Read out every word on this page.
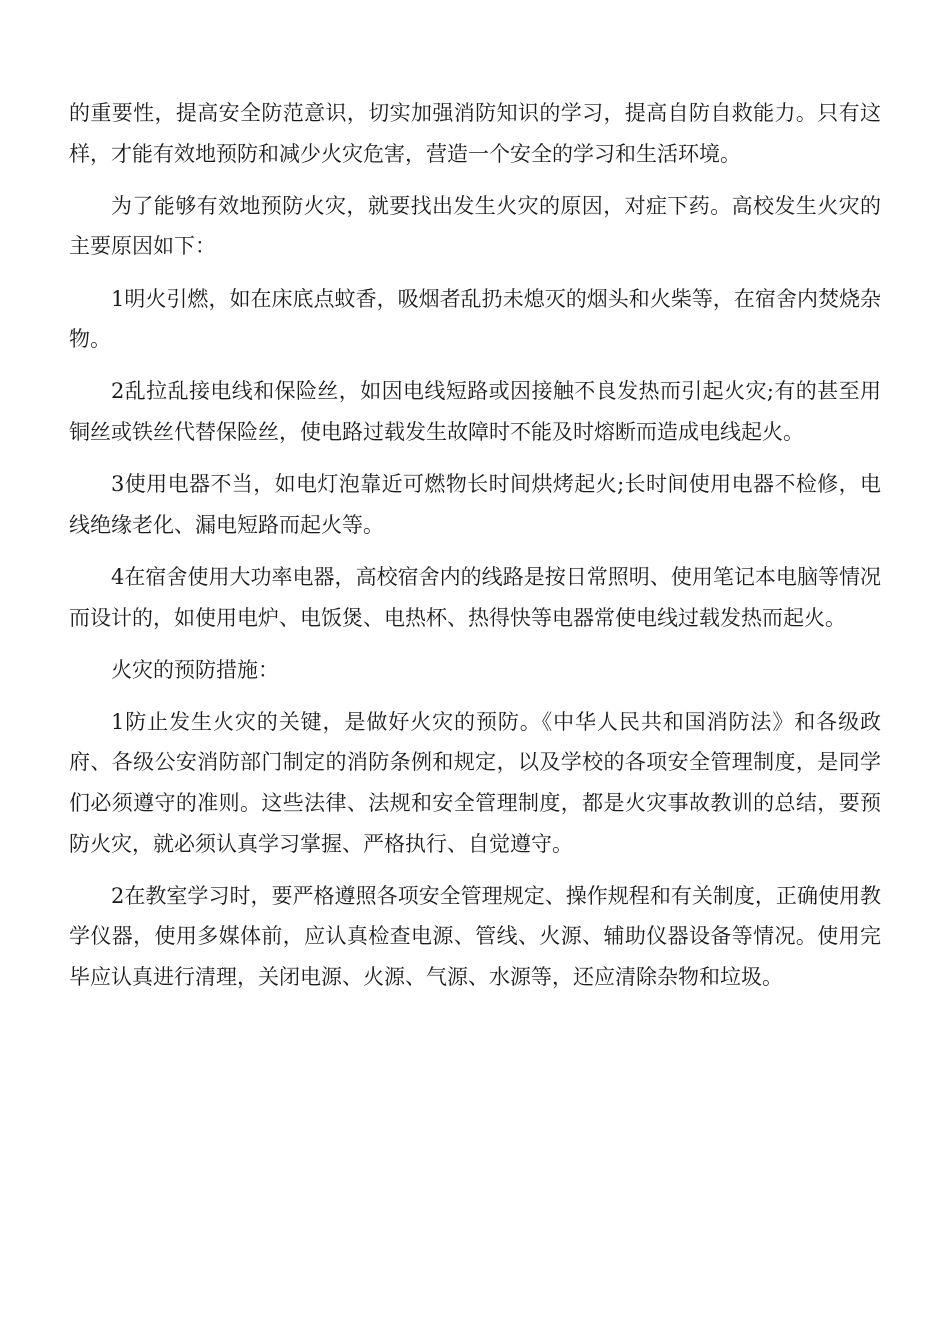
的重要性，提高安全防范意识，切实加强消防知识的学习，提高自防自救能力。只有这样，才能有效地预防和减少火灾危害，营造一个安全的学习和生活环境。

为了能够有效地预防火灾，就要找出发生火灾的原因，对症下药。高校发生火灾的主要原因如下：

1明火引燃，如在床底点蚊香，吸烟者乱扔未熄灭的烟头和火柴等，在宿舍内焚烧杂物。

2乱拉乱接电线和保险丝，如因电线短路或因接触不良发热而引起火灾;有的甚至用铜丝或铁丝代替保险丝，使电路过载发生故障时不能及时熔断而造成电线起火。

3使用电器不当，如电灯泡靠近可燃物长时间烘烤起火;长时间使用电器不检修，电线绝缘老化、漏电短路而起火等。

4在宿舍使用大功率电器，高校宿舍内的线路是按日常照明、使用笔记本电脑等情况而设计的，如使用电炉、电饭煲、电热杯、热得快等电器常使电线过载发热而起火。

火灾的预防措施：

1防止发生火灾的关键，是做好火灾的预防。《中华人民共和国消防法》和各级政府、各级公安消防部门制定的消防条例和规定，以及学校的各项安全管理制度，是同学们必须遵守的准则。这些法律、法规和安全管理制度，都是火灾事故教训的总结，要预防火灾，就必须认真学习掌握、严格执行、自觉遵守。

2在教室学习时，要严格遵照各项安全管理规定、操作规程和有关制度，正确使用教学仪器，使用多媒体前，应认真检查电源、管线、火源、辅助仪器设备等情况。使用完毕应认真进行清理，关闭电源、火源、气源、水源等，还应清除杂物和垃圾。
